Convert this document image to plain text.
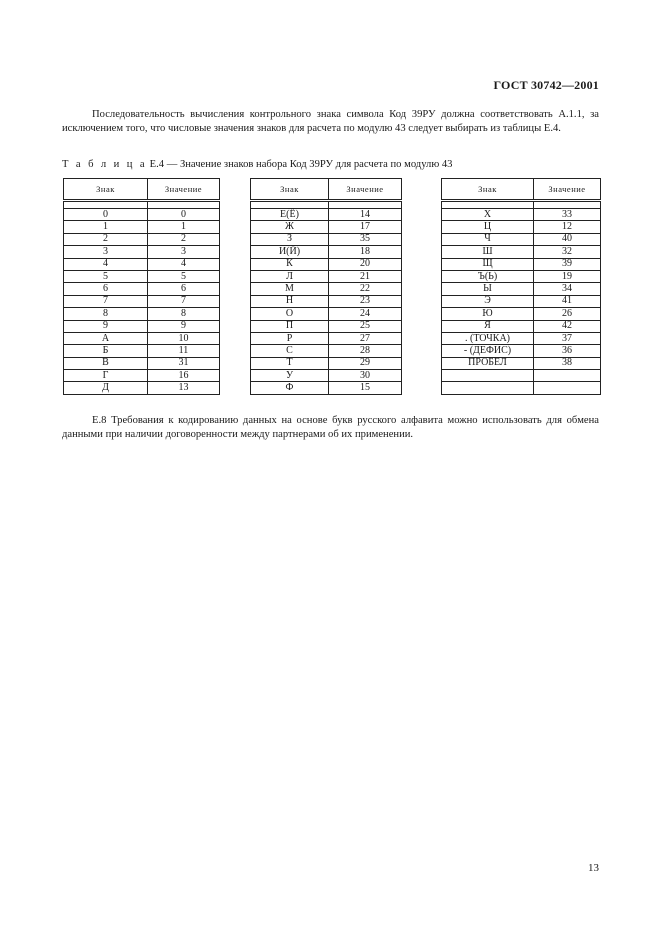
ГОСТ 30742—2001

Последовательность вычисления контрольного знака символа Код 39РУ должна соответствовать А.1.1, за исключением того, что числовые значения знаков для расчета по модулю 43 следует выбирать из таблицы Е.4.

Т а б л и ц а Е.4 — Значение знаков набора Код 39РУ для расчета по модулю 43
Знак	Значение

0	0
1	1
2	2
3	3
4	4
5	5
6	6
7	7
8	8
9	9
А	10
Б	11
В	31
Г	16
Д	13
Знак	Значение

Е(Ё)	14
Ж	17
З	35
И(Й)	18
К	20
Л	21
М	22
Н	23
О	24
П	25
Р	27
С	28
Т	29
У	30
Ф	15
Знак	Значение

Х	33
Ц	12
Ч	40
Ш	32
Щ	39
Ъ(Ь)	19
Ы	34
Э	41
Ю	26
Я	42
. (ТОЧКА)	37
- (ДЕФИС)	36
ПРОБЕЛ	38

Е.8 Требования к кодированию данных на основе букв русского алфавита можно использовать для обмена данными при наличии договоренности между партнерами об их применении.

13
